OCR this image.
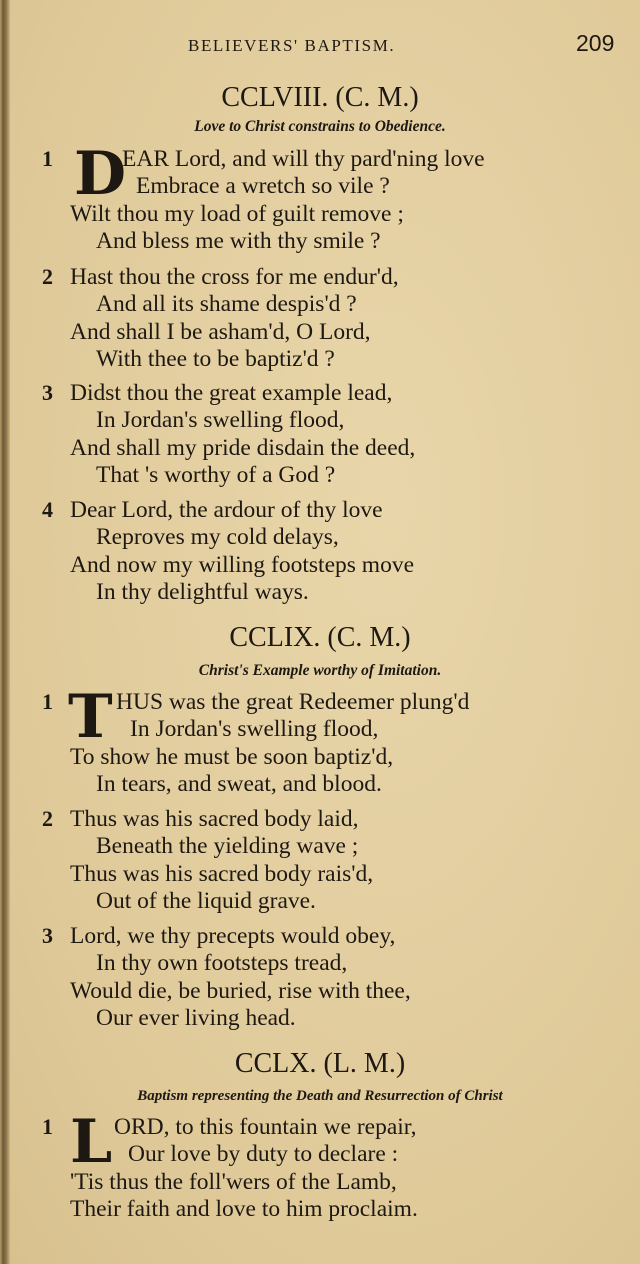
BELIEVERS' BAPTISM.	209
CCLVIII. (C. M.)
Love to Christ constrains to Obedience.
1 D
EAR Lord, and will thy pard'ning love
Embrace a wretch so vile ?
Wilt thou my load of guilt remove ;
And bless me with thy smile ?
2 Hast thou the cross for me endur'd,
And all its shame despis'd ?
And shall I be asham'd, O Lord,
With thee to be baptiz'd ?
3 Didst thou the great example lead,
In Jordan's swelling flood,
And shall my pride disdain the deed,
That 's worthy of a God ?
4 Dear Lord, the ardour of thy love
Reproves my cold delays,
And now my willing footsteps move
In thy delightful ways.
CCLIX. (C. M.)
Christ's Example worthy of Imitation.
1 T HUS was the great Redeemer plung'd
In Jordan's swelling flood,
To show he must be soon baptiz'd,
In tears, and sweat, and blood.
2 Thus was his sacred body laid,
Beneath the yielding wave ;
Thus was his sacred body rais'd,
Out of the liquid grave.
3 Lord, we thy precepts would obey,
In thy own footsteps tread,
Would die, be buried, rise with thee,
Our ever living head.
CCLX. (L. M.)
Baptism representing the Death and Resurrection of Christ
1 L ORD, to this fountain we repair,
Our love by duty to declare :
'Tis thus the foll'wers of the Lamb,
Their faith and love to him proclaim.
